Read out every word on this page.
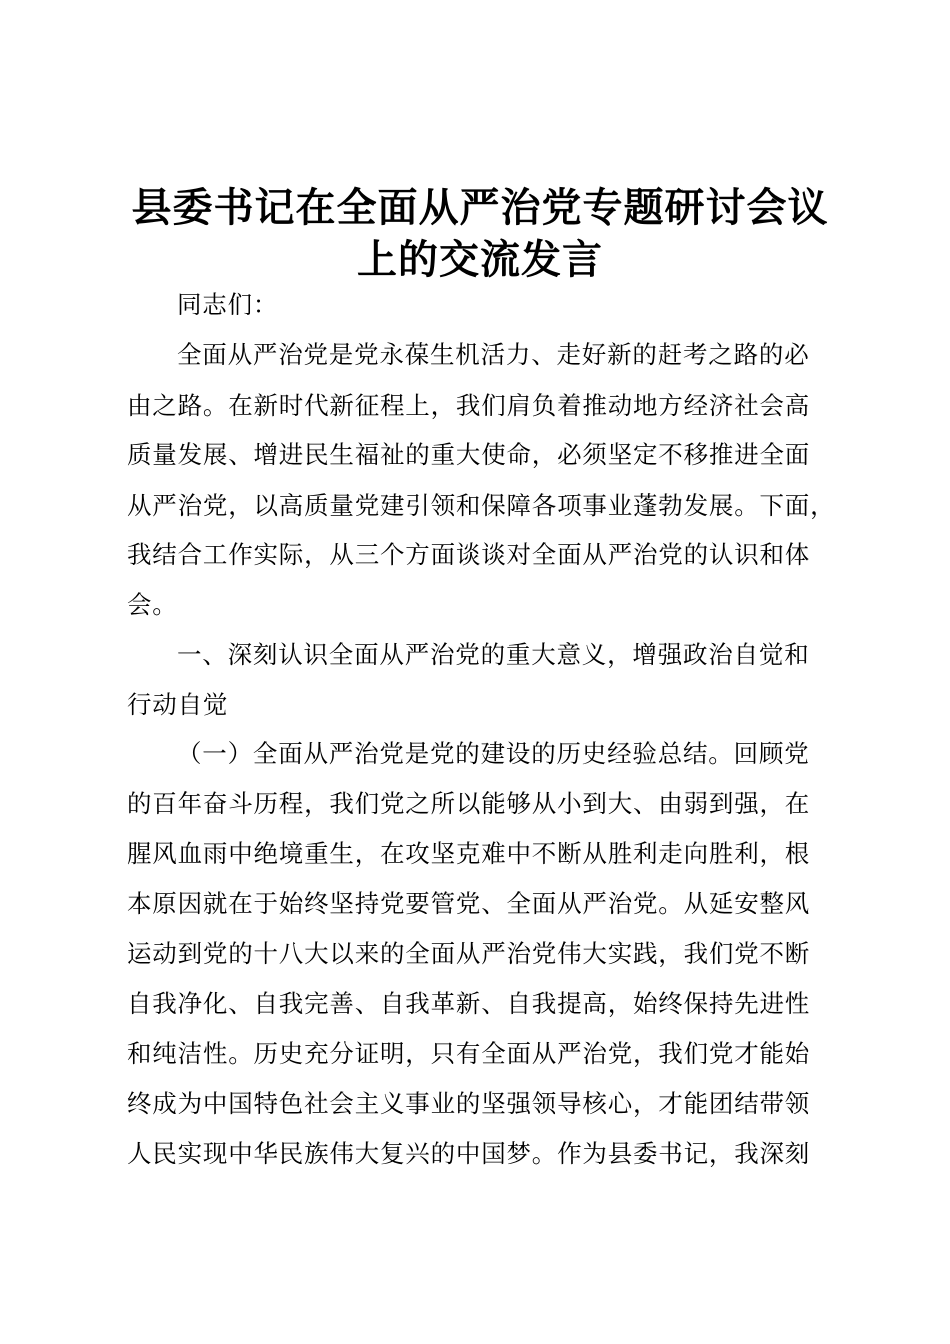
县委书记在全面从严治党专题研讨会议
上的交流发言

同志们：

全面从严治党是党永葆生机活力、走好新的赶考之路的必

由之路。在新时代新征程上，我们肩负着推动地方经济社会高

质量发展、增进民生福祉的重大使命，必须坚定不移推进全面

从严治党，以高质量党建引领和保障各项事业蓬勃发展。下面，

我结合工作实际，从三个方面谈谈对全面从严治党的认识和体

会。

一、深刻认识全面从严治党的重大意义，增强政治自觉和

行动自觉

（一）全面从严治党是党的建设的历史经验总结。回顾党

的百年奋斗历程，我们党之所以能够从小到大、由弱到强，在

腥风血雨中绝境重生，在攻坚克难中不断从胜利走向胜利，根

本原因就在于始终坚持党要管党、全面从严治党。从延安整风

运动到党的十八大以来的全面从严治党伟大实践，我们党不断

自我净化、自我完善、自我革新、自我提高，始终保持先进性

和纯洁性。历史充分证明，只有全面从严治党，我们党才能始

终成为中国特色社会主义事业的坚强领导核心，才能团结带领

人民实现中华民族伟大复兴的中国梦。作为县委书记，我深刻
